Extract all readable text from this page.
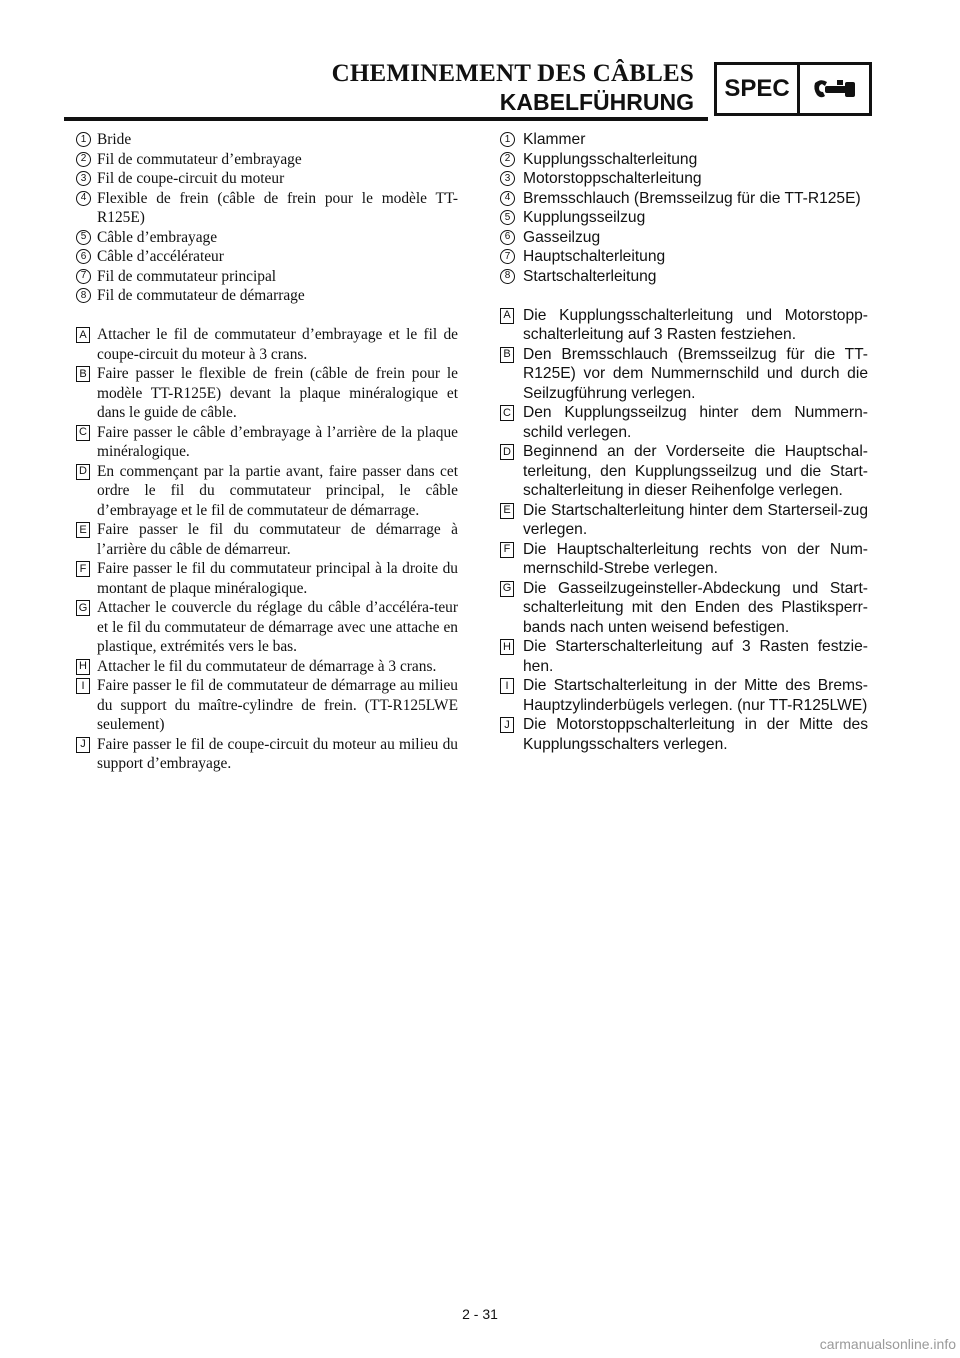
CHEMINEMENT DES CÂBLES
KABELFÜHRUNG	SPEC
1 Bride
2 Fil de commutateur d’embrayage
3 Fil de coupe-circuit du moteur
4 Flexible de frein (câble de frein pour le modèle TT-R125E)
5 Câble d’embrayage
6 Câble d’accélérateur
7 Fil de commutateur principal
8 Fil de commutateur de démarrage
A Attacher le fil de commutateur d’embrayage et le fil de coupe-circuit du moteur à 3 crans.
B Faire passer le flexible de frein (câble de frein pour le modèle TT-R125E) devant la plaque minéralogique et dans le guide de câble.
C Faire passer le câble d’embrayage à l’arrière de la plaque minéralogique.
D En commençant par la partie avant, faire passer dans cet ordre le fil du commutateur principal, le câble d’embrayage et le fil de commutateur de démarrage.
E Faire passer le fil du commutateur de démarrage à l’arrière du câble de démarreur.
F Faire passer le fil du commutateur principal à la droite du montant de plaque minéralogique.
G Attacher le couvercle du réglage du câble d’accéléra-teur et le fil du commutateur de démarrage avec une attache en plastique, extrémités vers le bas.
H Attacher le fil du commutateur de démarrage à 3 crans.
I Faire passer le fil de commutateur de démarrage au milieu du support du maître-cylindre de frein. (TT-R125LWE seulement)
J Faire passer le fil de coupe-circuit du moteur au milieu du support d’embrayage.
1 Klammer
2 Kupplungsschalterleitung
3 Motorstoppschalterleitung
4 Bremsschlauch (Bremsseilzug für die TT-R125E)
5 Kupplungsseilzug
6 Gasseilzug
7 Hauptschalterleitung
8 Startschalterleitung
A Die Kupplungsschalterleitung und Motorstopp-schalterleitung auf 3 Rasten festziehen.
B Den Bremsschlauch (Bremsseilzug für die TT-R125E) vor dem Nummernschild und durch die Seilzugführung verlegen.
C Den Kupplungsseilzug hinter dem Nummern-schild verlegen.
D Beginnend an der Vorderseite die Hauptschal-terleitung, den Kupplungsseilzug und die Start-schalterleitung in dieser Reihenfolge verlegen.
E Die Startschalterleitung hinter dem Starterseil-zug verlegen.
F Die Hauptschalterleitung rechts von der Num-mernschild-Strebe verlegen.
G Die Gasseilzugeinsteller-Abdeckung und Start-schalterleitung mit den Enden des Plastiksperr-bands nach unten weisend befestigen.
H Die Starterschalterleitung auf 3 Rasten festzie-hen.
I Die Startschalterleitung in der Mitte des Brems-Hauptzylinderbügels verlegen. (nur TT-R125LWE)
J Die Motorstoppschalterleitung in der Mitte des Kupplungsschalters verlegen.
2 - 31
carmanualsonline.info
